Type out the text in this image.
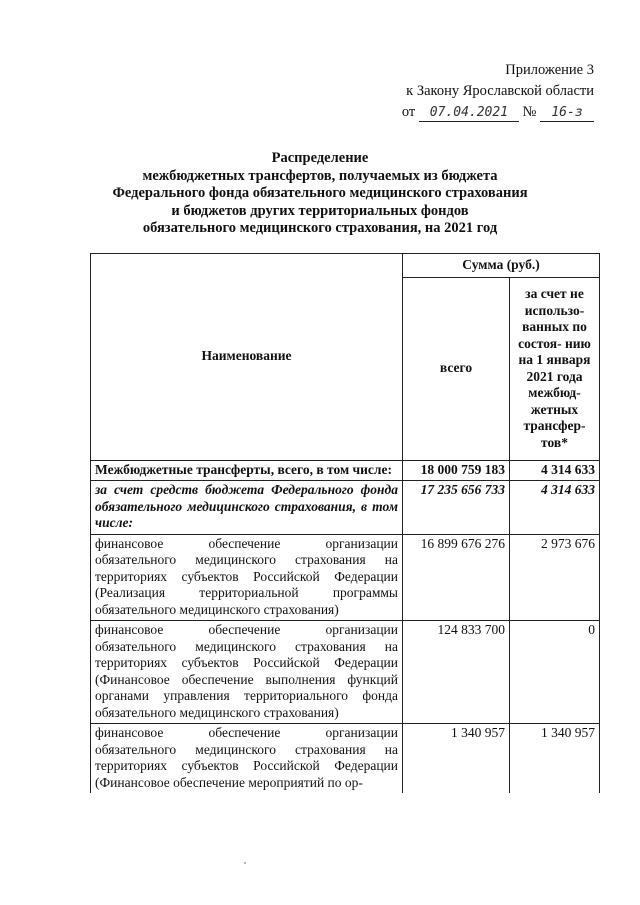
Приложение 3
к Закону Ярославской области
от 07.04.2021 № 16-з
Распределение
межбюджетных трансфертов, получаемых из бюджета
Федерального фонда обязательного медицинского страхования
и бюджетов других территориальных фондов
обязательного медицинского страхования, на 2021 год
Наименование	Сумма (руб.)	
	всего	за счет не использо- ванных по состоя- нию на 1 января 2021 года межбюд- жетных трансфер- тов*
Межбюджетные трансферты, всего, в том числе:	18 000 759 183	4 314 633
за счет средств бюджета Федерального фонда обязательного медицинского страхования, в том числе:	17 235 656 733	4 314 633
финансовое обеспечение организации обязательного медицинского страхования на территориях субъектов Российской Федерации (Реализация территориальной программы обязательного медицинского страхования)	16 899 676 276	2 973 676
финансовое обеспечение организации обязательного медицинского страхования на территориях субъектов Российской Федерации (Финансовое обеспечение выполнения функций органами управления территориального фонда обязательного медицинского страхования)	124 833 700	0
финансовое обеспечение организации обязательного медицинского страхования на территориях субъектов Российской Федерации (Финансовое обеспечение мероприятий по ор-	1 340 957	1 340 957
